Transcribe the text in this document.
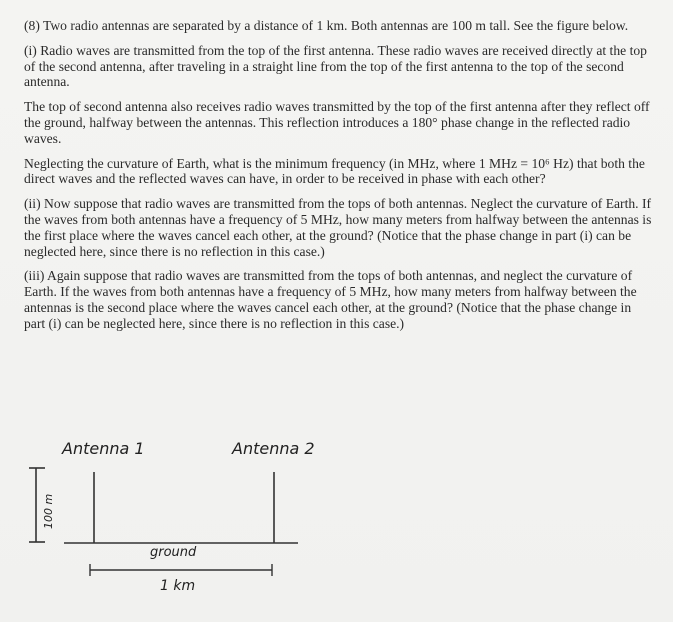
(8) Two radio antennas are separated by a distance of 1 km. Both antennas are 100 m tall. See the figure below.

(i) Radio waves are transmitted from the top of the first antenna. These radio waves are received directly at the top of the second antenna, after traveling in a straight line from the top of the first antenna to the top of the second antenna.

The top of second antenna also receives radio waves transmitted by the top of the first antenna after they reflect off the ground, halfway between the antennas. This reflection introduces a 180° phase change in the reflected radio waves.

Neglecting the curvature of Earth, what is the minimum frequency (in MHz, where 1 MHz = 10⁶ Hz) that both the direct waves and the reflected waves can have, in order to be received in phase with each other?

(ii) Now suppose that radio waves are transmitted from the tops of both antennas. Neglect the curvature of Earth. If the waves from both antennas have a frequency of 5 MHz, how many meters from halfway between the antennas is the first place where the waves cancel each other, at the ground? (Notice that the phase change in part (i) can be neglected here, since there is no reflection in this case.)

(iii) Again suppose that radio waves are transmitted from the tops of both antennas, and neglect the curvature of Earth. If the waves from both antennas have a frequency of 5 MHz, how many meters from halfway between the antennas is the second place where the waves cancel each other, at the ground? (Notice that the phase change in part (i) can be neglected here, since there is no reflection in this case.)

Antenna 1	Antenna 2
100 m
ground
1 km
